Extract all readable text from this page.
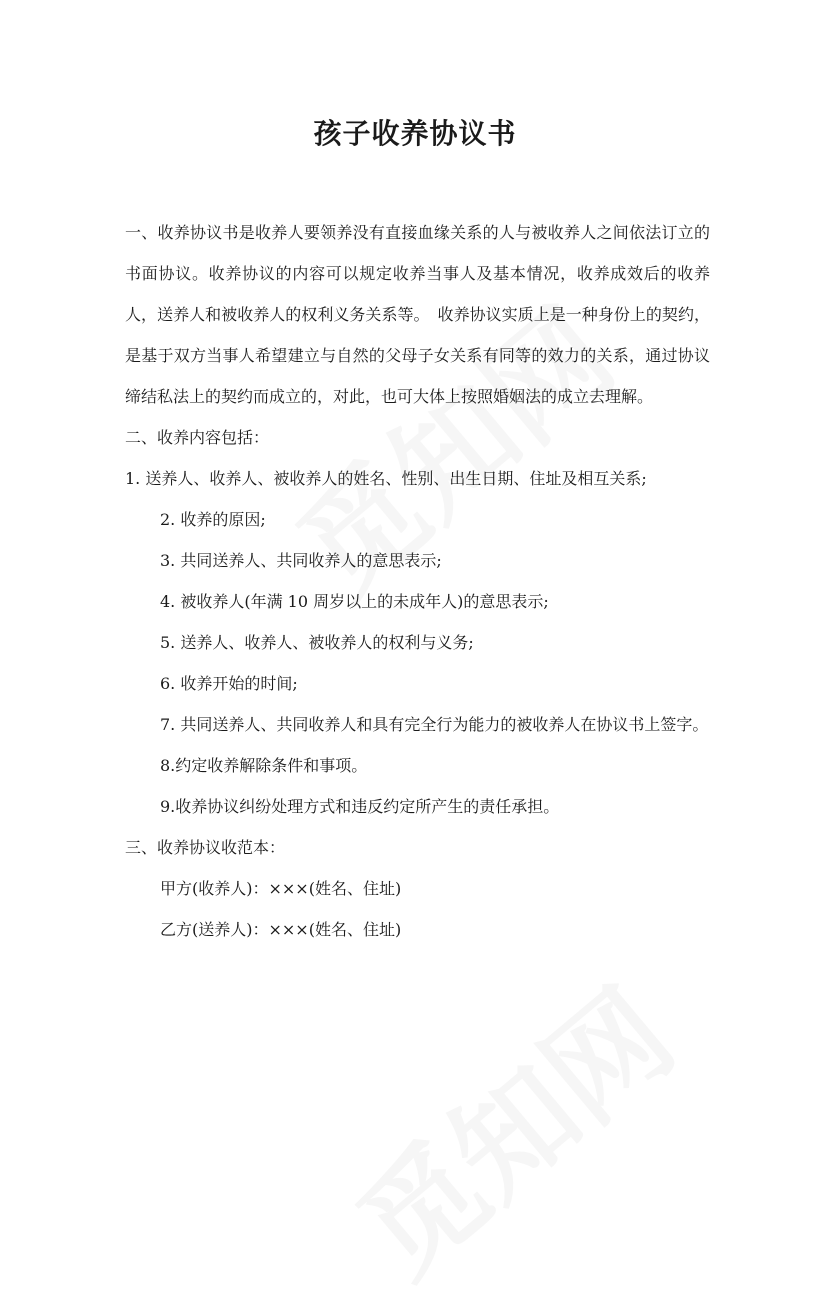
孩子收养协议书

一、收养协议书是收养人要领养没有直接血缘关系的人与被收养人之间依法订立的书面协议。收养协议的内容可以规定收养当事人及基本情况，收养成效后的收养人，送养人和被收养人的权利义务关系等。　收养协议实质上是一种身份上的契约，是基于双方当事人希望建立与自然的父母子女关系有同等的效力的关系，通过协议缔结私法上的契约而成立的，对此，也可大体上按照婚姻法的成立去理解。

二、收养内容包括：

1. 送养人、收养人、被收养人的姓名、性别、出生日期、住址及相互关系;

2. 收养的原因;

3. 共同送养人、共同收养人的意思表示;

4. 被收养人(年满 10 周岁以上的未成年人)的意思表示;

5. 送养人、收养人、被收养人的权利与义务;

6. 收养开始的时间;

7. 共同送养人、共同收养人和具有完全行为能力的被收养人在协议书上签字。

8.约定收养解除条件和事项。

9.收养协议纠纷处理方式和违反约定所产生的责任承担。

三、收养协议收范本：

甲方(收养人)：×××(姓名、住址)

乙方(送养人)：×××(姓名、住址)
